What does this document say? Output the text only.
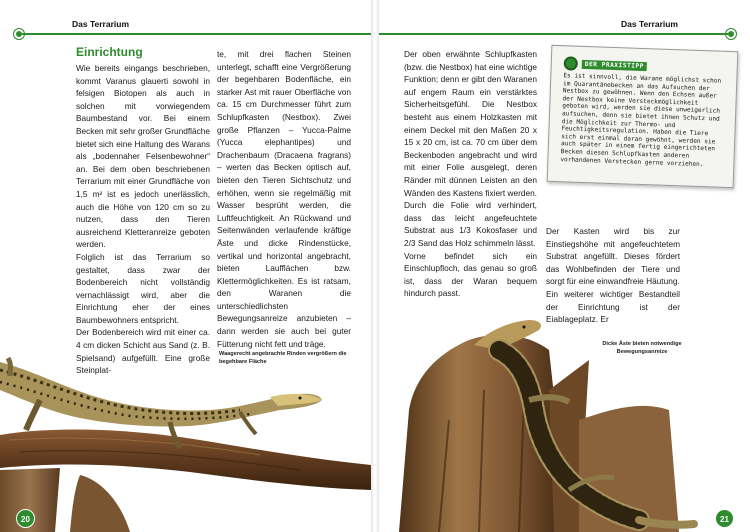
Das Terrarium
Einrichtung

Wie bereits eingangs beschrieben, kommt Varanus glauerti sowohl in felsigen Biotopen als auch in solchen mit vorwiegendem Baumbestand vor. Bei einem Becken mit sehr großer Grundfläche bietet sich eine Haltung des Warans als „bodennaher Felsenbewohner“ an. Bei dem oben beschriebenen Terrarium mit einer Grundfläche von 1,5 m² ist es jedoch unerlässlich, auch die Höhe von 120 cm so zu nutzen, dass den Tieren ausreichend Kletteranreize geboten werden.

Folglich ist das Terrarium so gestaltet, dass zwar der Bodenbereich nicht vollständig vernachlässigt wird, aber die Einrichtung eher der eines Baumbewohners entspricht.

Der Bodenbereich wird mit einer ca. 4 cm dicken Schicht aus Sand (z. B. Spielsand) aufgefüllt. Eine große Steinplat-

te, mit drei flachen Steinen unterlegt, schafft eine Vergrößerung der begehbaren Bodenfläche, ein starker Ast mit rauer Oberfläche von ca. 15 cm Durchmesser führt zum Schlupfkasten (Nestbox). Zwei große Pflanzen – Yucca-Palme (Yucca elephantipes) und Drachenbaum (Dracaena fragrans) – werten das Becken optisch auf, bieten den Tieren Sichtschutz und erhöhen, wenn sie regelmäßig mit Wasser besprüht werden, die Luftfeuchtigkeit. An Rückwand und Seitenwänden verlaufende kräftige Äste und dicke Rindenstücke, vertikal und horizontal angebracht, bieten Laufflächen bzw. Klettermöglichkeiten. Es ist ratsam, den Waranen die unterschiedlichsten Bewegungsanreize anzubieten – dann werden sie auch bei guter Fütterung nicht fett und träge.

Waagerecht angebrachte Rinden vergrößern die begehbare Fläche
20
Das Terrarium

Der oben erwähnte Schlupfkasten (bzw. die Nestbox) hat eine wichtige Funktion; denn er gibt den Waranen auf engem Raum ein verstärktes Sicherheitsgefühl. Die Nestbox besteht aus einem Holzkasten mit einem Deckel mit den Maßen 20 x 15 x 20 cm, ist ca. 70 cm über dem Beckenboden angebracht und wird mit einer Folie ausgelegt, deren Ränder mit dünnen Leisten an den Wänden des Kastens fixiert werden. Durch die Folie wird verhindert, dass das leicht angefeuchtete Substrat aus 1/3 Kokosfaser und 2/3 Sand das Holz schimmeln lässt.

Vorne befindet sich ein Einschlupfloch, das genau so groß ist, dass der Waran bequem hindurch passt.

DER PRAXISTIPP
Es ist sinnvoll, die Warane möglichst schon im Quarantänebecken an das Aufsuchen der Nestbox zu gewöhnen. Wenn den Echsen außer der Nestbox keine Versteckmöglichkeit geboten wird, werden sie diese unweigerlich aufsuchen, denn sie bietet ihnen Schutz und die Möglichkeit zur Thermo- und Feuchtigkeitsregulation. Haben die Tiere sich erst einmal daran gewöhnt, werden sie auch später in einem fertig eingerichteten Becken diesen Schlupfkasten anderen vorhandenen Verstecken gerne vorziehen.

Der Kasten wird bis zur Einstiegshöhe mit angefeuchtetem Substrat angefüllt. Dieses fördert das Wohlbefinden der Tiere und sorgt für eine einwandfreie Häutung.

Ein weiterer wichtiger Bestandteil der Einrichtung ist der Eiablageplatz. Er

Dicke Äste bieten notwendige Bewegungsanreize
21
